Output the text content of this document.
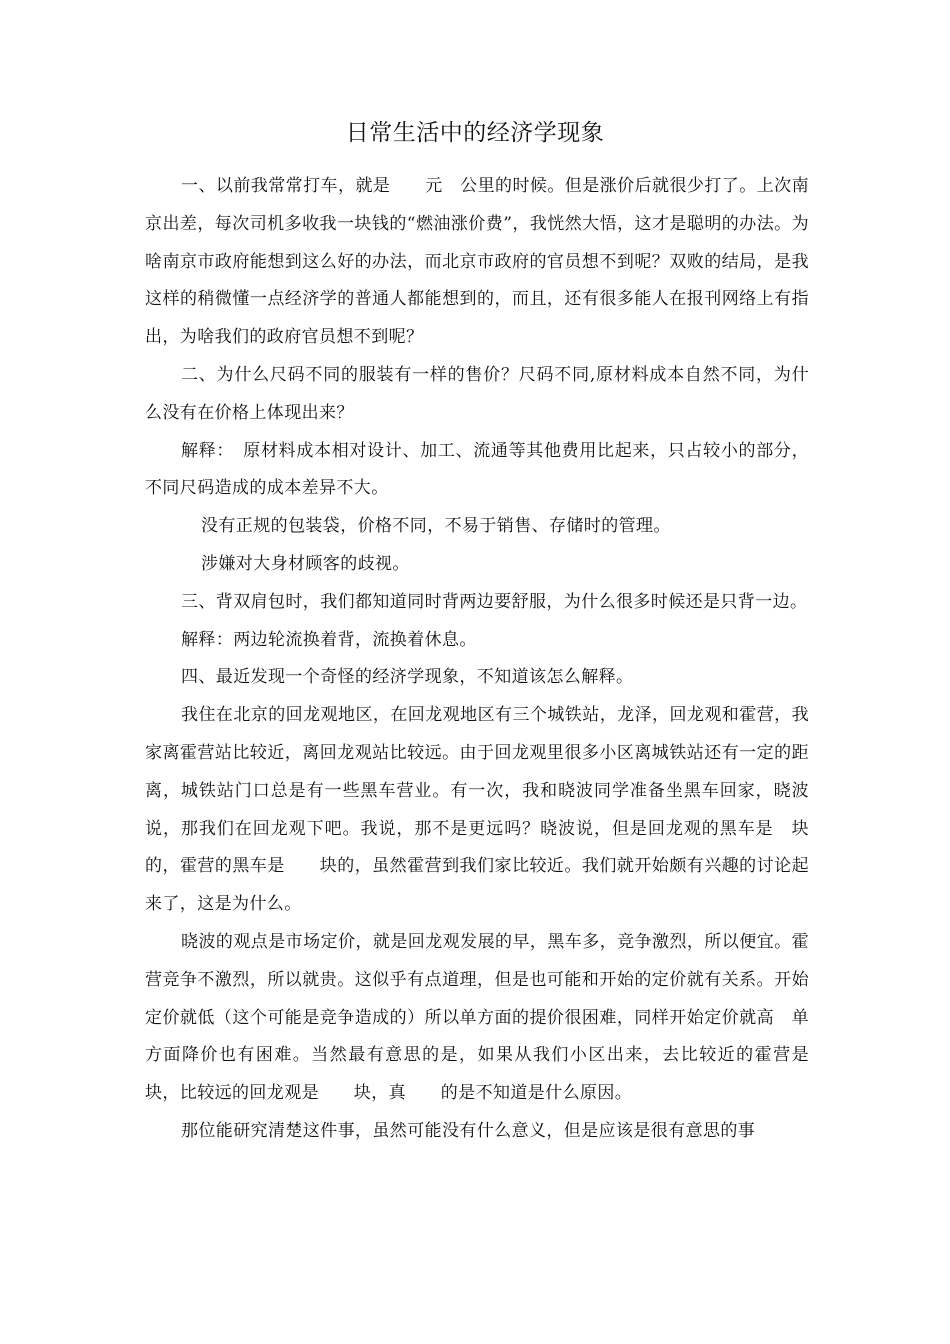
日常生活中的经济学现象

一、以前我常常打车，就是　　元　公里的时候。但是涨价后就很少打了。上次南京出差，每次司机多收我一块钱的“燃油涨价费”，我恍然大悟，这才是聪明的办法。为啥南京市政府能想到这么好的办法，而北京市政府的官员想不到呢？双败的结局，是我这样的稍微懂一点经济学的普通人都能想到的，而且，还有很多能人在报刊网络上有指出，为啥我们的政府官员想不到呢？

二、为什么尺码不同的服装有一样的售价？尺码不同,原材料成本自然不同，为什么没有在价格上体现出来？

解释：　原材料成本相对设计、加工、流通等其他费用比起来，只占较小的部分，不同尺码造成的成本差异不大。

没有正规的包装袋，价格不同，不易于销售、存储时的管理。

涉嫌对大身材顾客的歧视。

三、背双肩包时，我们都知道同时背两边要舒服，为什么很多时候还是只背一边。

解释：两边轮流换着背，流换着休息。

四、最近发现一个奇怪的经济学现象，不知道该怎么解释。

我住在北京的回龙观地区，在回龙观地区有三个城铁站，龙泽，回龙观和霍营，我家离霍营站比较近，离回龙观站比较远。由于回龙观里很多小区离城铁站还有一定的距离，城铁站门口总是有一些黑车营业。有一次，我和晓波同学准备坐黑车回家，晓波说，那我们在回龙观下吧。我说，那不是更远吗？晓波说，但是回龙观的黑车是　块的，霍营的黑车是　　块的，虽然霍营到我们家比较近。我们就开始颇有兴趣的讨论起来了，这是为什么。

晓波的观点是市场定价，就是回龙观发展的早，黑车多，竞争激烈，所以便宜。霍营竞争不激烈，所以就贵。这似乎有点道理，但是也可能和开始的定价就有关系。开始定价就低（这个可能是竞争造成的）所以单方面的提价很困难，同样开始定价就高　单方面降价也有困难。当然最有意思的是，如果从我们小区出来，去比较近的霍营是　　块，比较远的回龙观是　　块，真　　的是不知道是什么原因。

那位能研究清楚这件事，虽然可能没有什么意义，但是应该是很有意思的事
